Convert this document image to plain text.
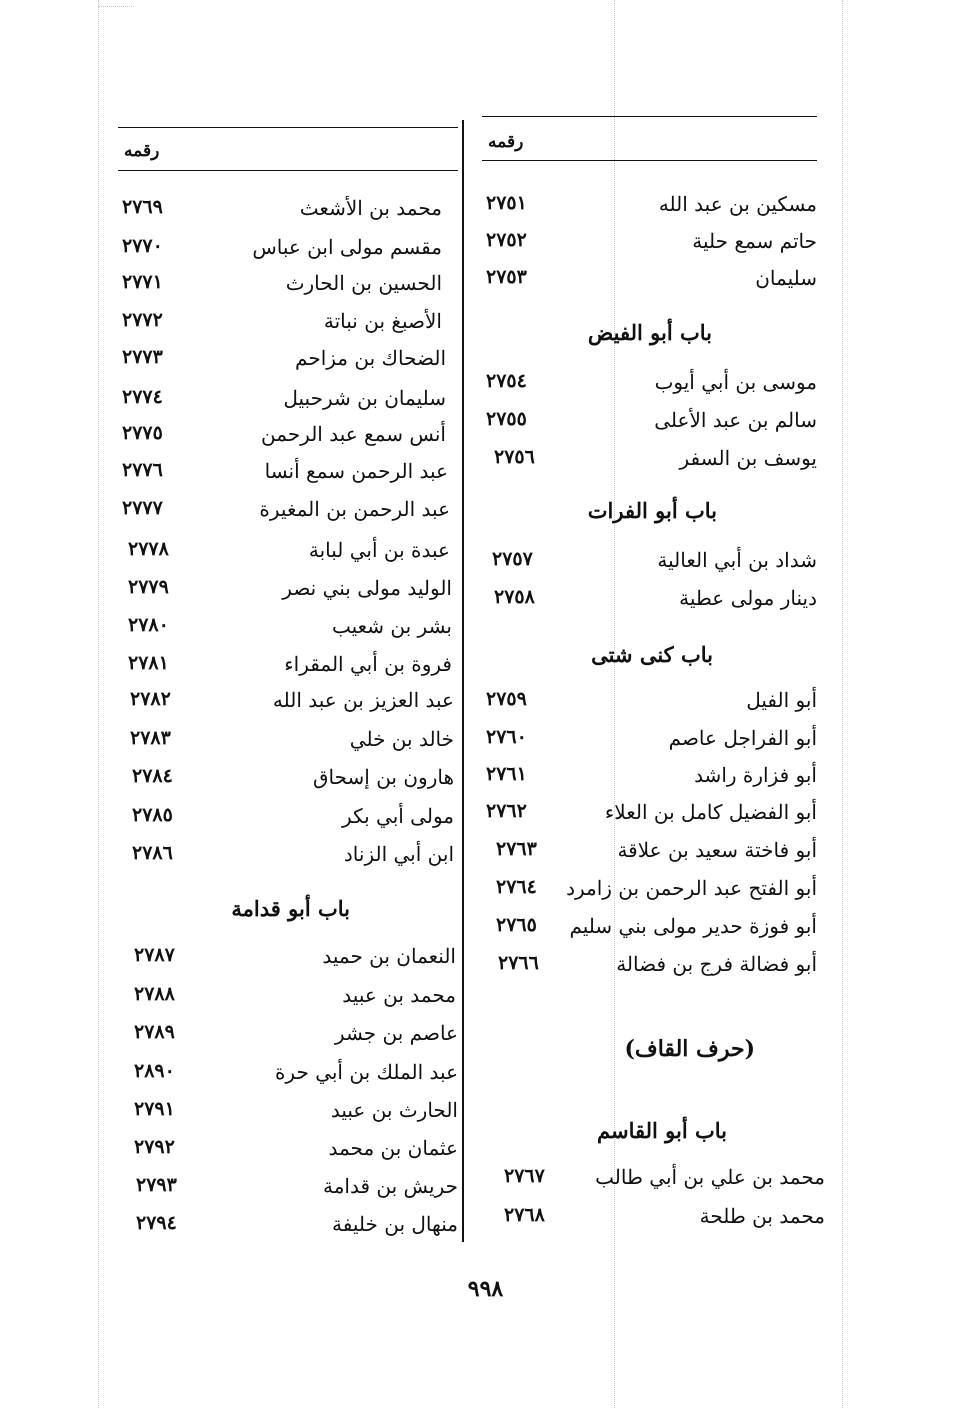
رقمه
مسكين بن عبد الله
٢٧٥١
حاتم سمع حلية
٢٧٥٢
سليمان
٢٧٥٣
باب أبو الفيض
موسى بن أبي أيوب
٢٧٥٤
سالم بن عبد الأعلى
٢٧٥٥
يوسف بن السفر
٢٧٥٦
باب أبو الفرات
شداد بن أبي العالية
٢٧٥٧
دينار مولى عطية
٢٧٥٨
باب كنى شتى
أبو الفيل
٢٧٥٩
أبو الفراجل عاصم
٢٧٦٠
أبو فزارة راشد
٢٧٦١
أبو الفضيل كامل بن العلاء
٢٧٦٢
أبو فاختة سعيد بن علاقة
٢٧٦٣
أبو الفتح عبد الرحمن بن زامرد
٢٧٦٤
أبو فوزة حدير مولى بني سليم
٢٧٦٥
أبو فضالة فرج بن فضالة
٢٧٦٦
(حرف القاف)
باب أبو القاسم
محمد بن علي بن أبي طالب
٢٧٦٧
محمد بن طلحة
٢٧٦٨
رقمه
محمد بن الأشعث
٢٧٦٩
مقسم مولى ابن عباس
٢٧٧٠
الحسين بن الحارث
٢٧٧١
الأصبغ بن نباتة
٢٧٧٢
الضحاك بن مزاحم
٢٧٧٣
سليمان بن شرحبيل
٢٧٧٤
أنس سمع عبد الرحمن
٢٧٧٥
عبد الرحمن سمع أنسا
٢٧٧٦
عبد الرحمن بن المغيرة
٢٧٧٧
عبدة بن أبي لبابة
٢٧٧٨
الوليد مولى بني نصر
٢٧٧٩
بشر بن شعيب
٢٧٨٠
فروة بن أبي المقراء
٢٧٨١
عبد العزيز بن عبد الله
٢٧٨٢
خالد بن خلي
٢٧٨٣
هارون بن إسحاق
٢٧٨٤
مولى أبي بكر
٢٧٨٥
ابن أبي الزناد
٢٧٨٦
باب أبو قدامة
النعمان بن حميد
٢٧٨٧
محمد بن عبيد
٢٧٨٨
عاصم بن جشر
٢٧٨٩
عبد الملك بن أبي حرة
٢٨٩٠
الحارث بن عبيد
٢٧٩١
عثمان بن محمد
٢٧٩٢
حريش بن قدامة
٢٧٩٣
منهال بن خليفة
٢٧٩٤
٩٩٨
